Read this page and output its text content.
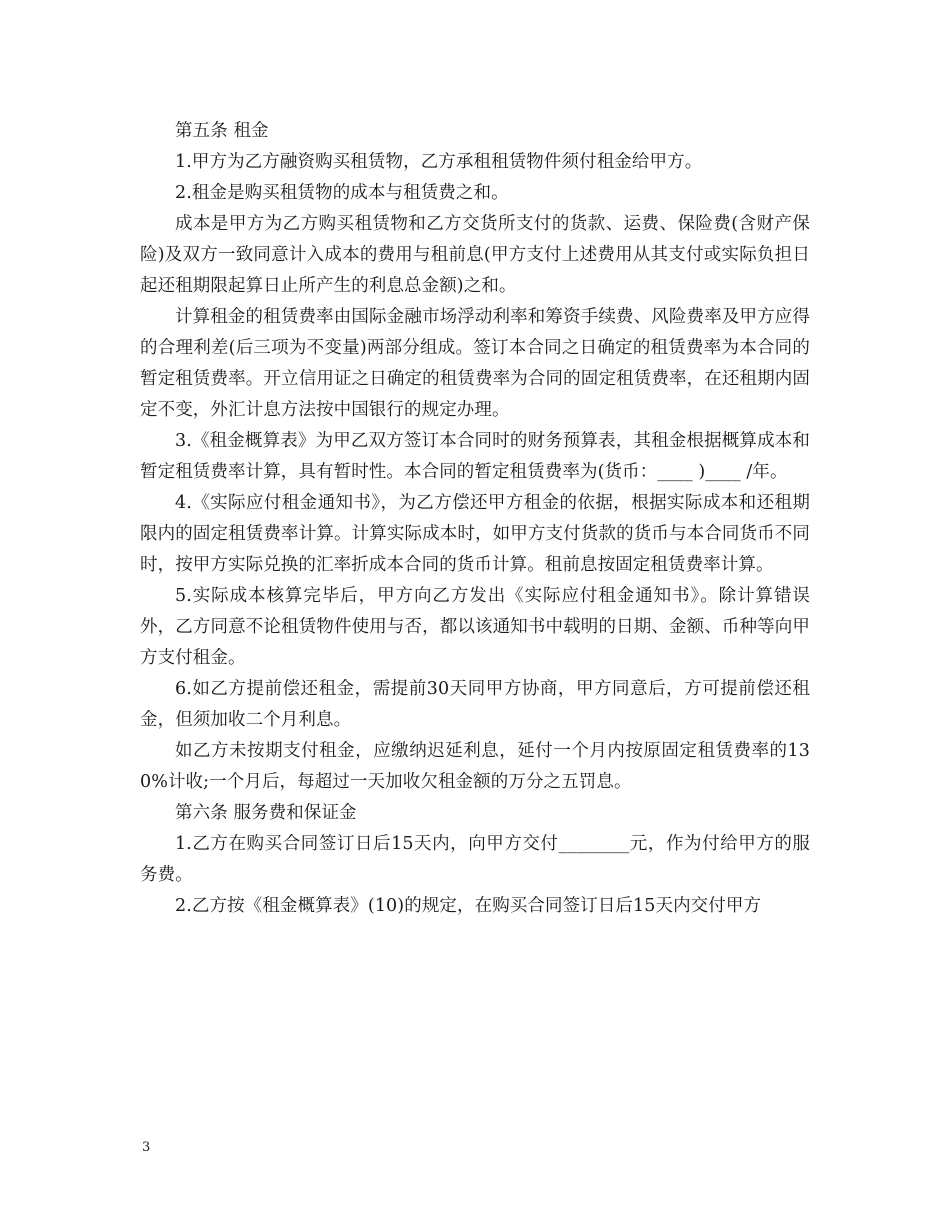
第五条 租金

1.甲方为乙方融资购买租赁物，乙方承租租赁物件须付租金给甲方。

2.租金是购买租赁物的成本与租赁费之和。

成本是甲方为乙方购买租赁物和乙方交货所支付的货款、运费、保险费(含财产保险)及双方一致同意计入成本的费用与租前息(甲方支付上述费用从其支付或实际负担日起还租期限起算日止所产生的利息总金额)之和。

计算租金的租赁费率由国际金融市场浮动利率和筹资手续费、风险费率及甲方应得的合理利差(后三项为不变量)两部分组成。签订本合同之日确定的租赁费率为本合同的暂定租赁费率。开立信用证之日确定的租赁费率为合同的固定租赁费率，在还租期内固定不变，外汇计息方法按中国银行的规定办理。

3.《租金概算表》为甲乙双方签订本合同时的财务预算表，其租金根据概算成本和暂定租赁费率计算，具有暂时性。本合同的暂定租赁费率为(货币：____ )____ /年。

4.《实际应付租金通知书》，为乙方偿还甲方租金的依据，根据实际成本和还租期限内的固定租赁费率计算。计算实际成本时，如甲方支付货款的货币与本合同货币不同时，按甲方实际兑换的汇率折成本合同的货币计算。租前息按固定租赁费率计算。

5.实际成本核算完毕后，甲方向乙方发出《实际应付租金通知书》。除计算错误外，乙方同意不论租赁物件使用与否，都以该通知书中载明的日期、金额、币种等向甲方支付租金。

6.如乙方提前偿还租金，需提前30天同甲方协商，甲方同意后，方可提前偿还租金，但须加收二个月利息。

如乙方未按期支付租金，应缴纳迟延利息，延付一个月内按原固定租赁费率的130%计收;一个月后，每超过一天加收欠租金额的万分之五罚息。

第六条 服务费和保证金

1.乙方在购买合同签订日后15天内，向甲方交付________元，作为付给甲方的服务费。

2.乙方按《租金概算表》(10)的规定，在购买合同签订日后15天内交付甲方

3
